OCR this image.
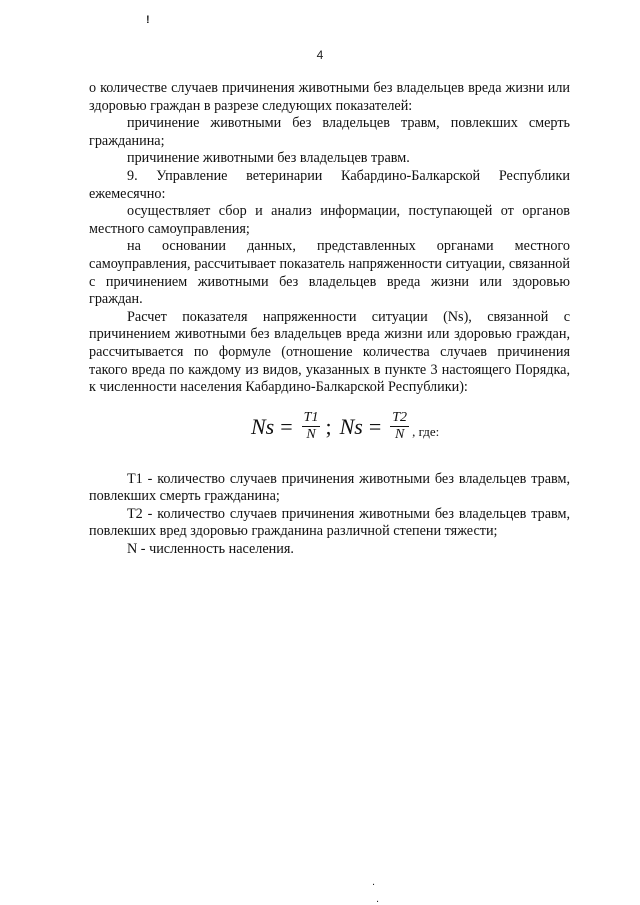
!
4

о количестве случаев причинения животными без владельцев вреда жизни или здоровью граждан в разрезе следующих показателей:

причинение животными без владельцев травм, повлекших смерть гражданина;

причинение животными без владельцев травм.

9. Управление ветеринарии Кабардино-Балкарской Республики ежемесячно:

осуществляет сбор и анализ информации, поступающей от органов местного самоуправления;

на основании данных, представленных органами местного самоуправления, рассчитывает показатель напряженности ситуации, связанной с причинением животными без владельцев вреда жизни или здоровью граждан.

Расчет показателя напряженности ситуации (Ns), связанной с причинением животными без владельцев вреда жизни или здоровью граждан, рассчитывается по формуле (отношение количества случаев причинения такого вреда по каждому из видов, указанных в пункте 3 настоящего Порядка, к численности населения Кабардино-Балкарской Республики):

$Ns = \frac{T1}{N}$ ; $Ns = \frac{T2}{N}$ , где:

Т1 - количество случаев причинения животными без владельцев травм, повлекших смерть гражданина;

Т2 - количество случаев причинения животными без владельцев травм, повлекших вред здоровью гражданина различной степени тяжести;

N - численность населения.

.
.
